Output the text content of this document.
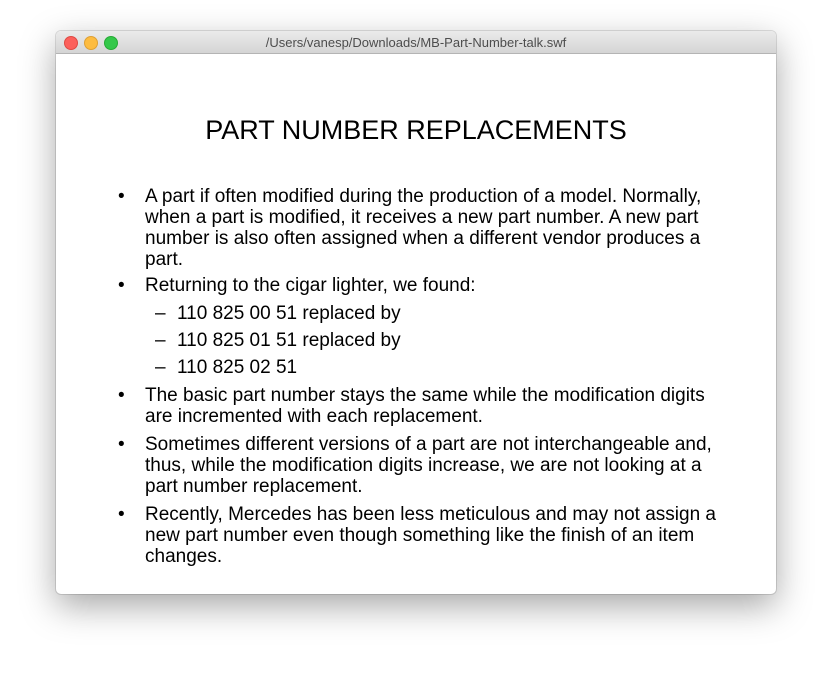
/Users/vanesp/Downloads/MB-Part-Number-talk.swf
PART NUMBER REPLACEMENTS
• A part if often modified during the production of a model. Normally, when a part is modified, it receives a new part number. A new part number is also often assigned when a different vendor produces a part.
• Returning to the cigar lighter, we found:
– 110 825 00 51 replaced by
– 110 825 01 51 replaced by
– 110 825 02 51
• The basic part number stays the same while the modification digits are incremented with each replacement.
• Sometimes different versions of a part are not interchangeable and, thus, while the modification digits increase, we are not looking at a part number replacement.
• Recently, Mercedes has been less meticulous and may not assign a new part number even though something like the finish of an item changes.
